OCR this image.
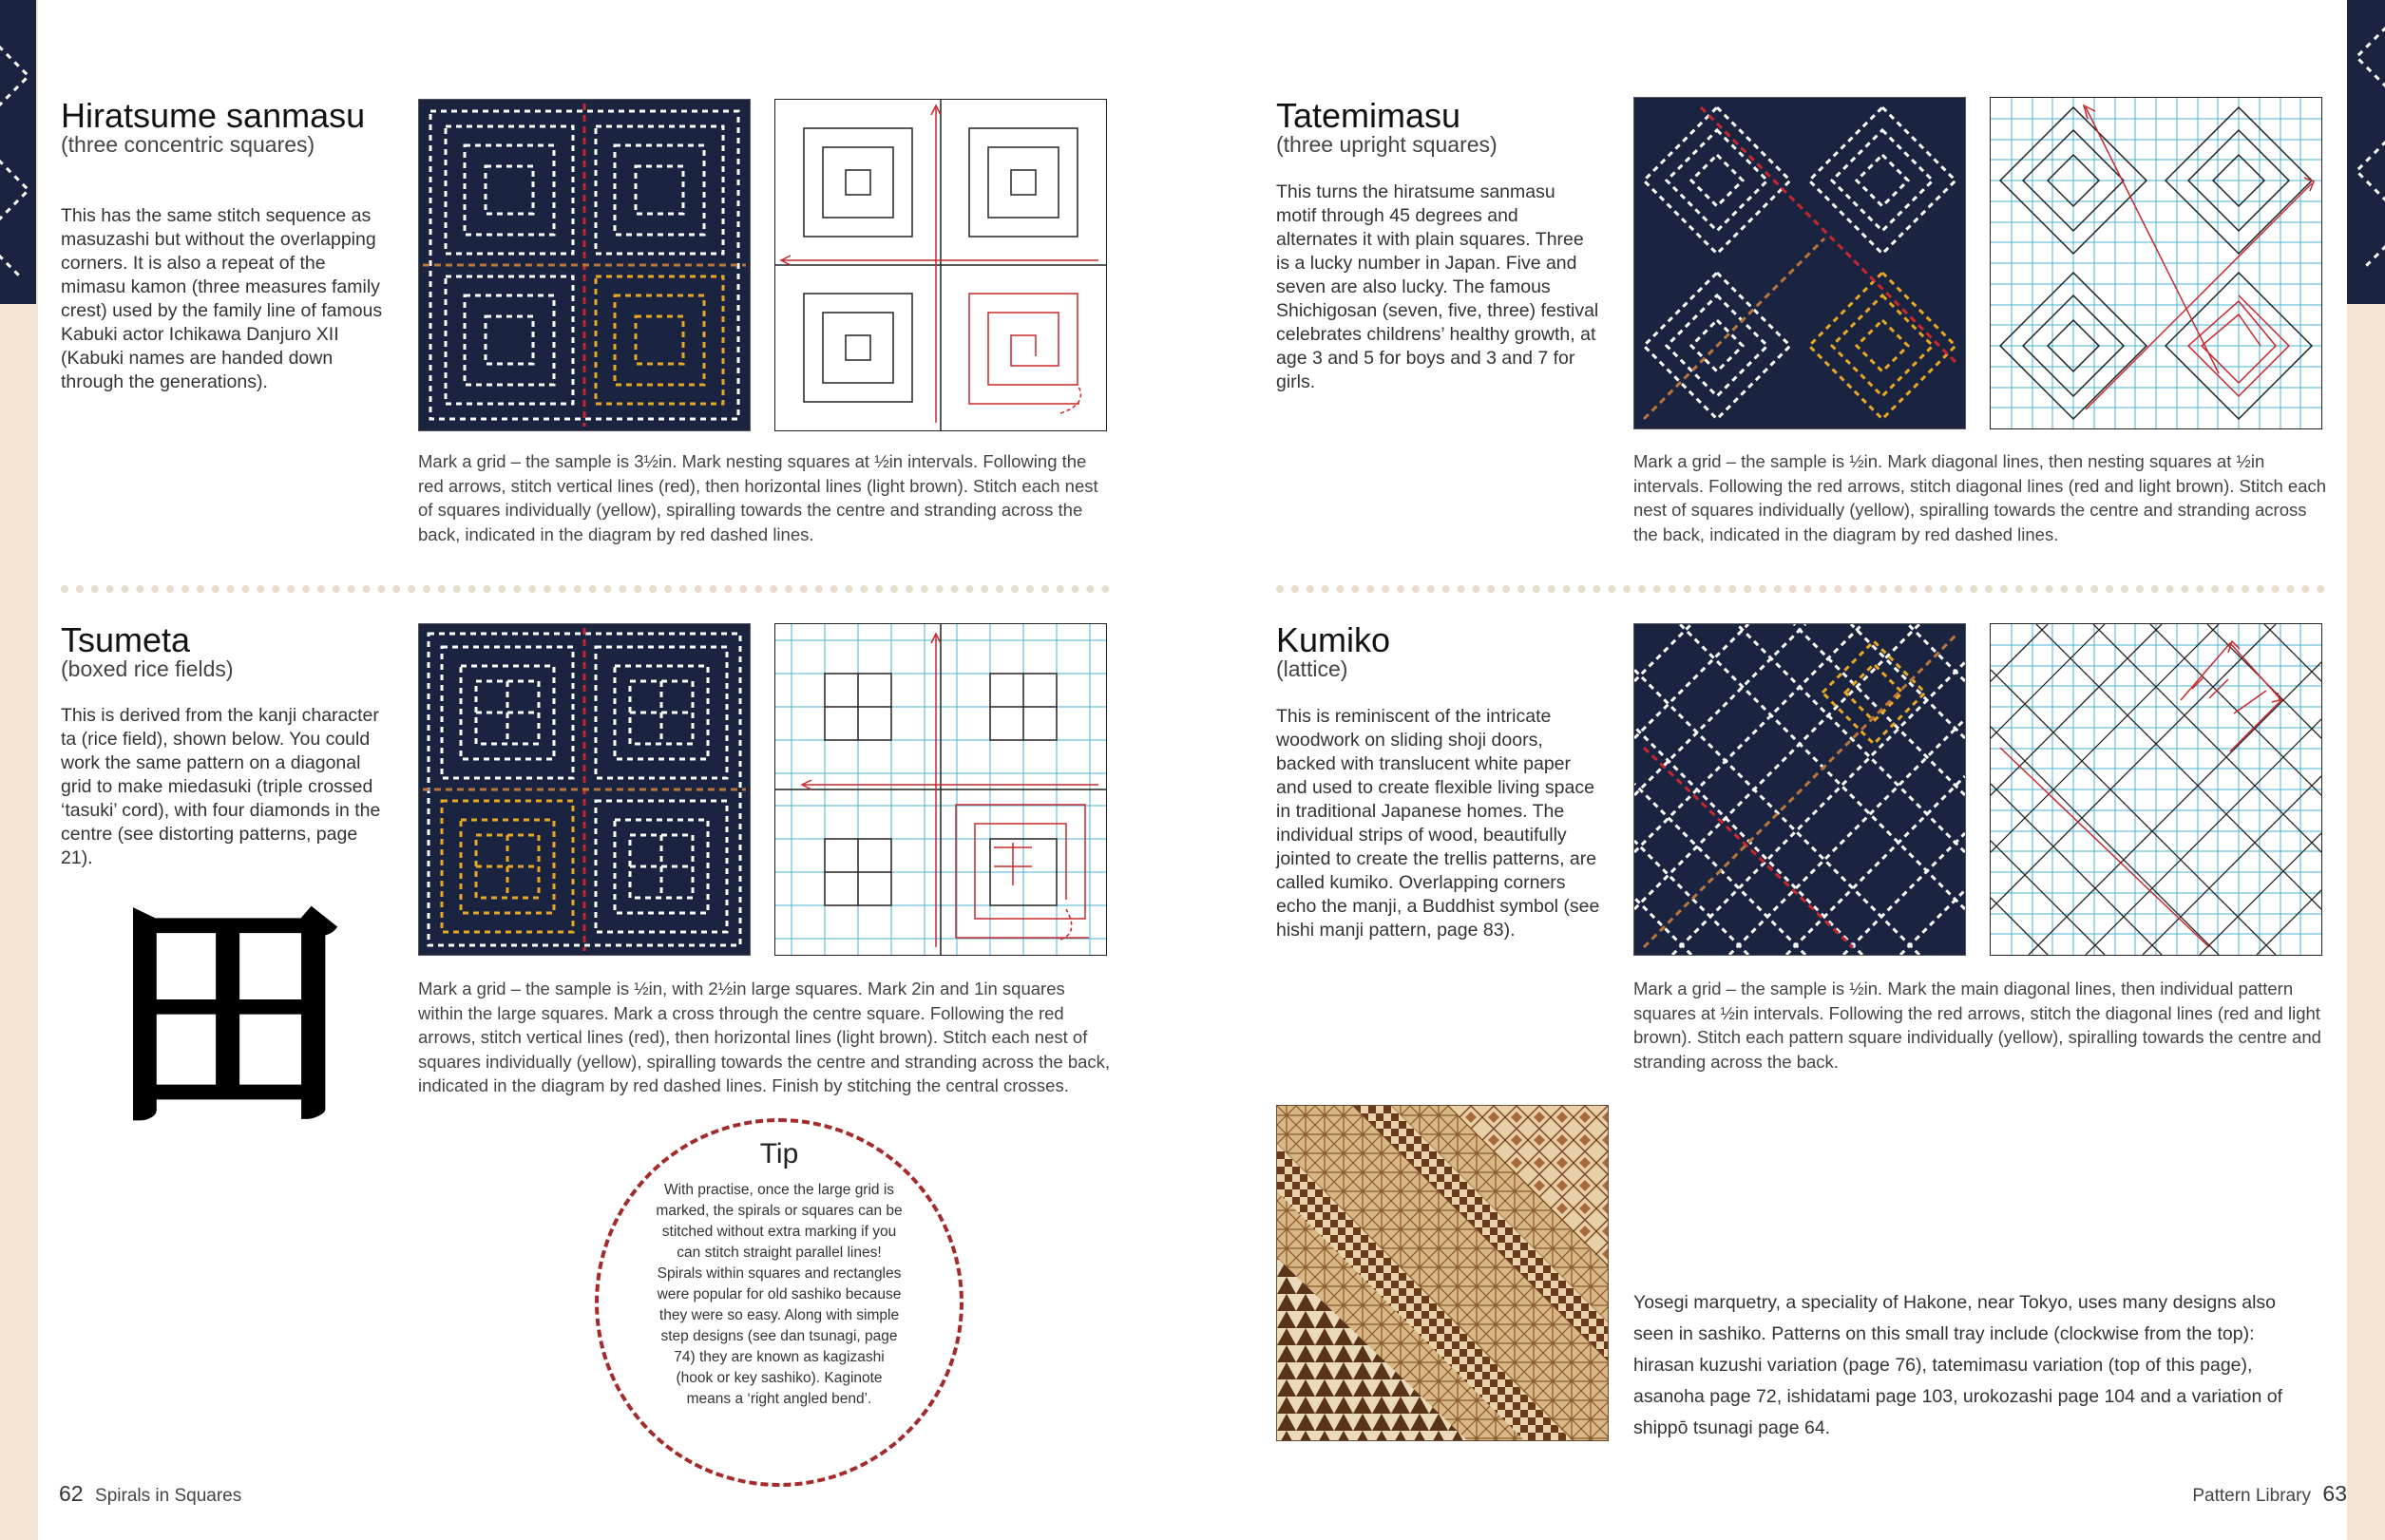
Hiratsume sanmasu
(three concentric squares)
This has the same stitch sequence as masuzashi but without the overlapping corners. It is also a repeat of the mimasu kamon (three measures family crest) used by the family line of famous Kabuki actor Ichikawa Danjuro XII (Kabuki names are handed down through the generations).
Mark a grid – the sample is 3½in. Mark nesting squares at ½in intervals. Following the red arrows, stitch vertical lines (red), then horizontal lines (light brown). Stitch each nest of squares individually (yellow), spiralling towards the centre and stranding across the back, indicated in the diagram by red dashed lines.
Tsumeta
(boxed rice fields)
This is derived from the kanji character ta (rice field), shown below. You could work the same pattern on a diagonal grid to make miedasuki (triple crossed ‘tasuki’ cord), with four diamonds in the centre (see distorting patterns, page 21).
田	Mark a grid – the sample is ½in, with 2½in large squares. Mark 2in and 1in squares within the large squares. Mark a cross through the centre square. Following the red arrows, stitch vertical lines (red), then horizontal lines (light brown). Stitch each nest of squares individually (yellow), spiralling towards the centre and stranding across the back, indicated in the diagram by red dashed lines. Finish by stitching the central crosses.
Tip
With practise, once the large grid is marked, the spirals or squares can be stitched without extra marking if you can stitch straight parallel lines! Spirals within squares and rectangles were popular for old sashiko because they were so easy. Along with simple step designs (see dan tsunagi, page 74) they are known as kagizashi (hook or key sashiko). Kaginote means a ‘right angled bend’.
62 Spirals in Squares
Tatemimasu
(three upright squares)
This turns the hiratsume sanmasu motif through 45 degrees and alternates it with plain squares. Three is a lucky number in Japan. Five and seven are also lucky. The famous Shichigosan (seven, five, three) festival celebrates childrens’ healthy growth, at age 3 and 5 for boys and 3 and 7 for girls.
Mark a grid – the sample is ½in. Mark diagonal lines, then nesting squares at ½in intervals. Following the red arrows, stitch diagonal lines (red and light brown). Stitch each nest of squares individually (yellow), spiralling towards the centre and stranding across the back, indicated in the diagram by red dashed lines.
Kumiko
(lattice)
This is reminiscent of the intricate woodwork on sliding shoji doors, backed with translucent white paper and used to create flexible living space in traditional Japanese homes. The individual strips of wood, beautifully jointed to create the trellis patterns, are called kumiko. Overlapping corners echo the manji, a Buddhist symbol (see hishi manji pattern, page 83).
Mark a grid – the sample is ½in. Mark the main diagonal lines, then individual pattern squares at ½in intervals. Following the red arrows, stitch the diagonal lines (red and light brown). Stitch each pattern square individually (yellow), spiralling towards the centre and stranding across the back.
Yosegi marquetry, a speciality of Hakone, near Tokyo, uses many designs also seen in sashiko. Patterns on this small tray include (clockwise from the top): hirasan kuzushi variation (page 76), tatemimasu variation (top of this page), asanoha page 72, ishidatami page 103, urokozashi page 104 and a variation of shippō tsunagi page 64.
Pattern Library 63
